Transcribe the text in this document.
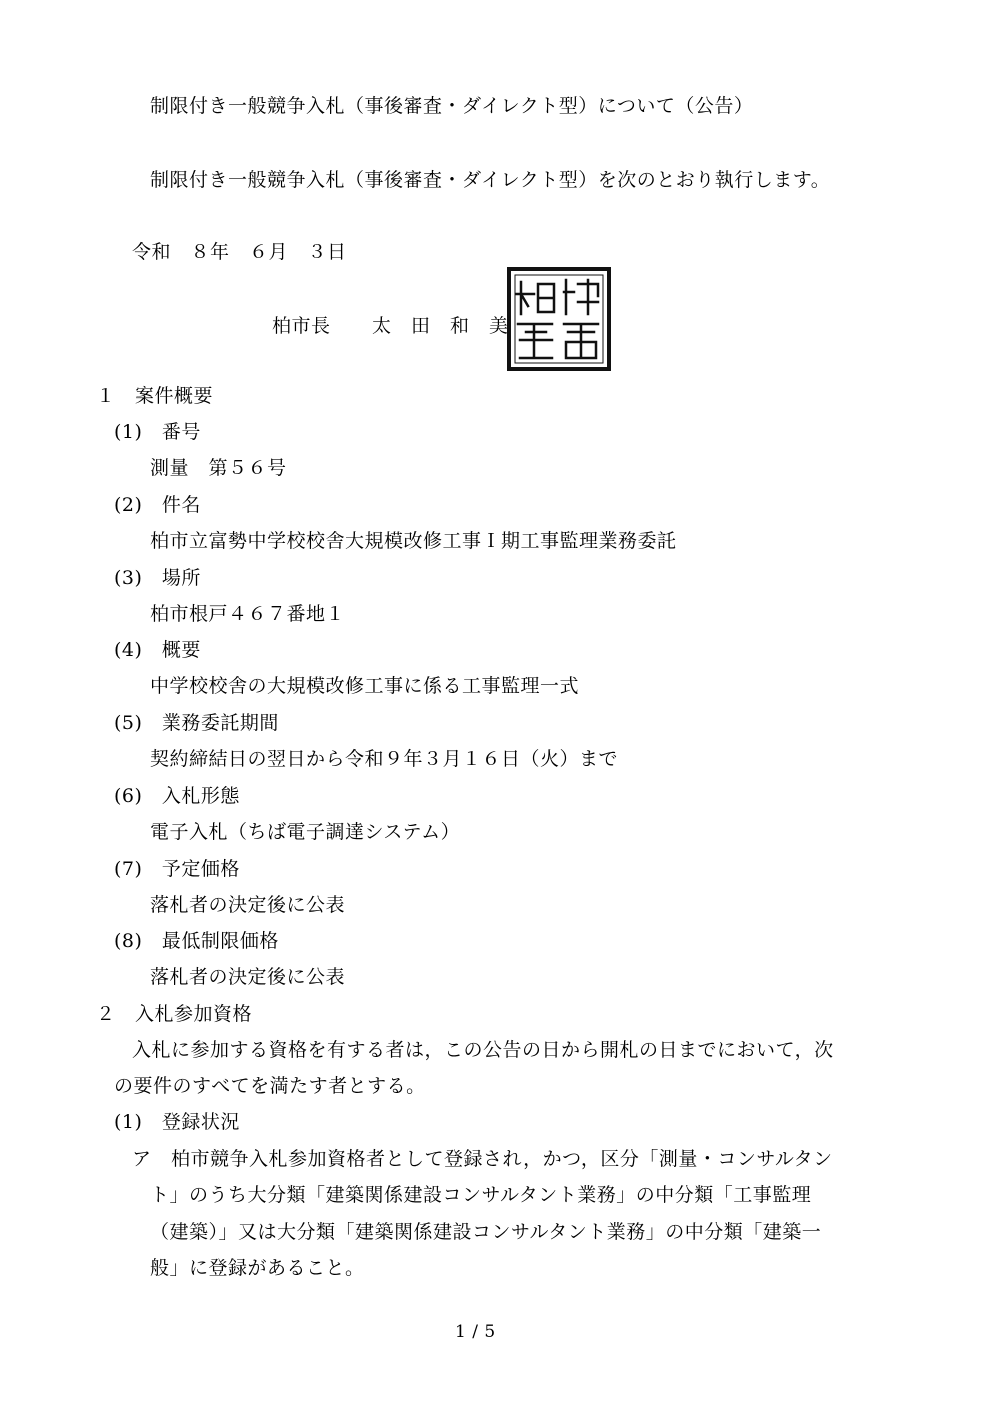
制限付き一般競争入札（事後審査・ダイレクト型）について（公告）
制限付き一般競争入札（事後審査・ダイレクト型）を次のとおり執行します。
令和　８年　６月　３日
柏市長 太　田　和　美
１　案件概要
(1)　番号
測量　第５６号
(2)　件名
柏市立富勢中学校校舎大規模改修工事Ｉ期工事監理業務委託
(3)　場所
柏市根戸４６７番地１
(4)　概要
中学校校舎の大規模改修工事に係る工事監理一式
(5)　業務委託期間
契約締結日の翌日から令和９年３月１６日（火）まで
(6)　入札形態
電子入札（ちば電子調達システム）
(7)　予定価格
落札者の決定後に公表
(8)　最低制限価格
落札者の決定後に公表
２　入札参加資格
入札に参加する資格を有する者は，この公告の日から開札の日までにおいて，次
の要件のすべてを満たす者とする。
(1)　登録状況
ア　柏市競争入札参加資格者として登録され，かつ，区分「測量・コンサルタン
ト」のうち大分類「建築関係建設コンサルタント業務」の中分類「工事監理
（建築）」又は大分類「建築関係建設コンサルタント業務」の中分類「建築一
般」に登録があること。
1 / 5
